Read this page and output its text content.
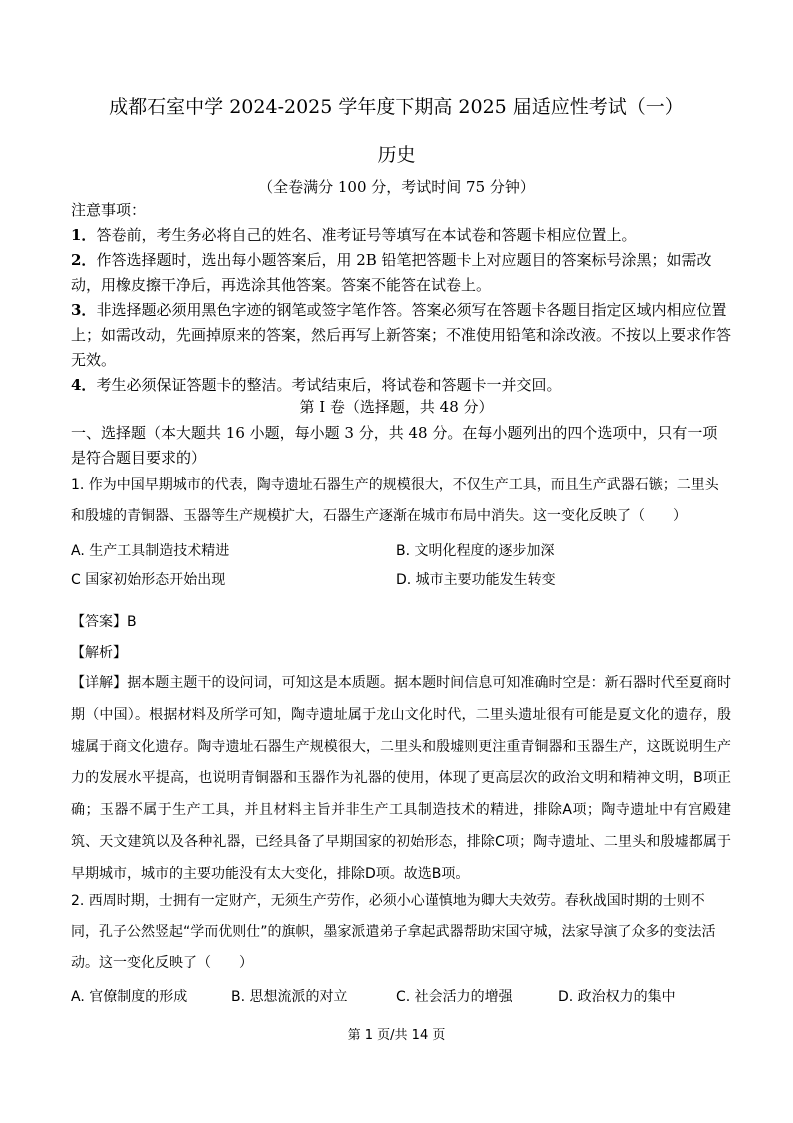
成都石室中学 2024-2025 学年度下期高 2025 届适应性考试（一）
历史
（全卷满分 100 分，考试时间 75 分钟）

注意事项：

1．答卷前，考生务必将自己的姓名、准考证号等填写在本试卷和答题卡相应位置上。

2．作答选择题时，选出每小题答案后，用 2B 铅笔把答题卡上对应题目的答案标号涂黑；如需改动，用橡皮擦干净后，再选涂其他答案。答案不能答在试卷上。

3．非选择题必须用黑色字迹的钢笔或签字笔作答。答案必须写在答题卡各题目指定区域内相应位置上；如需改动，先画掉原来的答案，然后再写上新答案；不准使用铅笔和涂改液。不按以上要求作答无效。

4．考生必须保证答题卡的整洁。考试结束后，将试卷和答题卡一并交回。

第 I 卷（选择题，共 48 分）
一、选择题（本大题共 16 小题，每小题 3 分，共 48 分。在每小题列出的四个选项中，只有一项是符合题目要求的）

1. 作为中国早期城市的代表，陶寺遗址石器生产的规模很大，不仅生产工具，而且生产武器石镞；二里头和殷墟的青铜器、玉器等生产规模扩大，石器生产逐渐在城市布局中消失。这一变化反映了（　　）

A. 生产工具制造技术精进	B. 文明化程度的逐步加深
C 国家初始形态开始出现	D. 城市主要功能发生转变
【答案】B
【解析】

【详解】据本题主题干的设问词，可知这是本质题。据本题时间信息可知准确时空是：新石器时代至夏商时期（中国）。根据材料及所学可知，陶寺遗址属于龙山文化时代，二里头遗址很有可能是夏文化的遗存，殷墟属于商文化遗存。陶寺遗址石器生产规模很大，二里头和殷墟则更注重青铜器和玉器生产，这既说明生产力的发展水平提高，也说明青铜器和玉器作为礼器的使用，体现了更高层次的政治文明和精神文明，B项正确；玉器不属于生产工具，并且材料主旨并非生产工具制造技术的精进，排除A项；陶寺遗址中有宫殿建筑、天文建筑以及各种礼器，已经具备了早期国家的初始形态，排除C项；陶寺遗址、二里头和殷墟都属于早期城市，城市的主要功能没有太大变化，排除D项。故选B项。

2. 西周时期，士拥有一定财产，无须生产劳作，必须小心谨慎地为卿大夫效劳。春秋战国时期的士则不同，孔子公然竖起“学而优则仕”的旗帜，墨家派遣弟子拿起武器帮助宋国守城，法家导演了众多的变法活动。这一变化反映了（　　）

A. 官僚制度的形成	B. 思想流派的对立	C. 社会活力的增强	D. 政治权力的集中
第 1 页/共 14 页
